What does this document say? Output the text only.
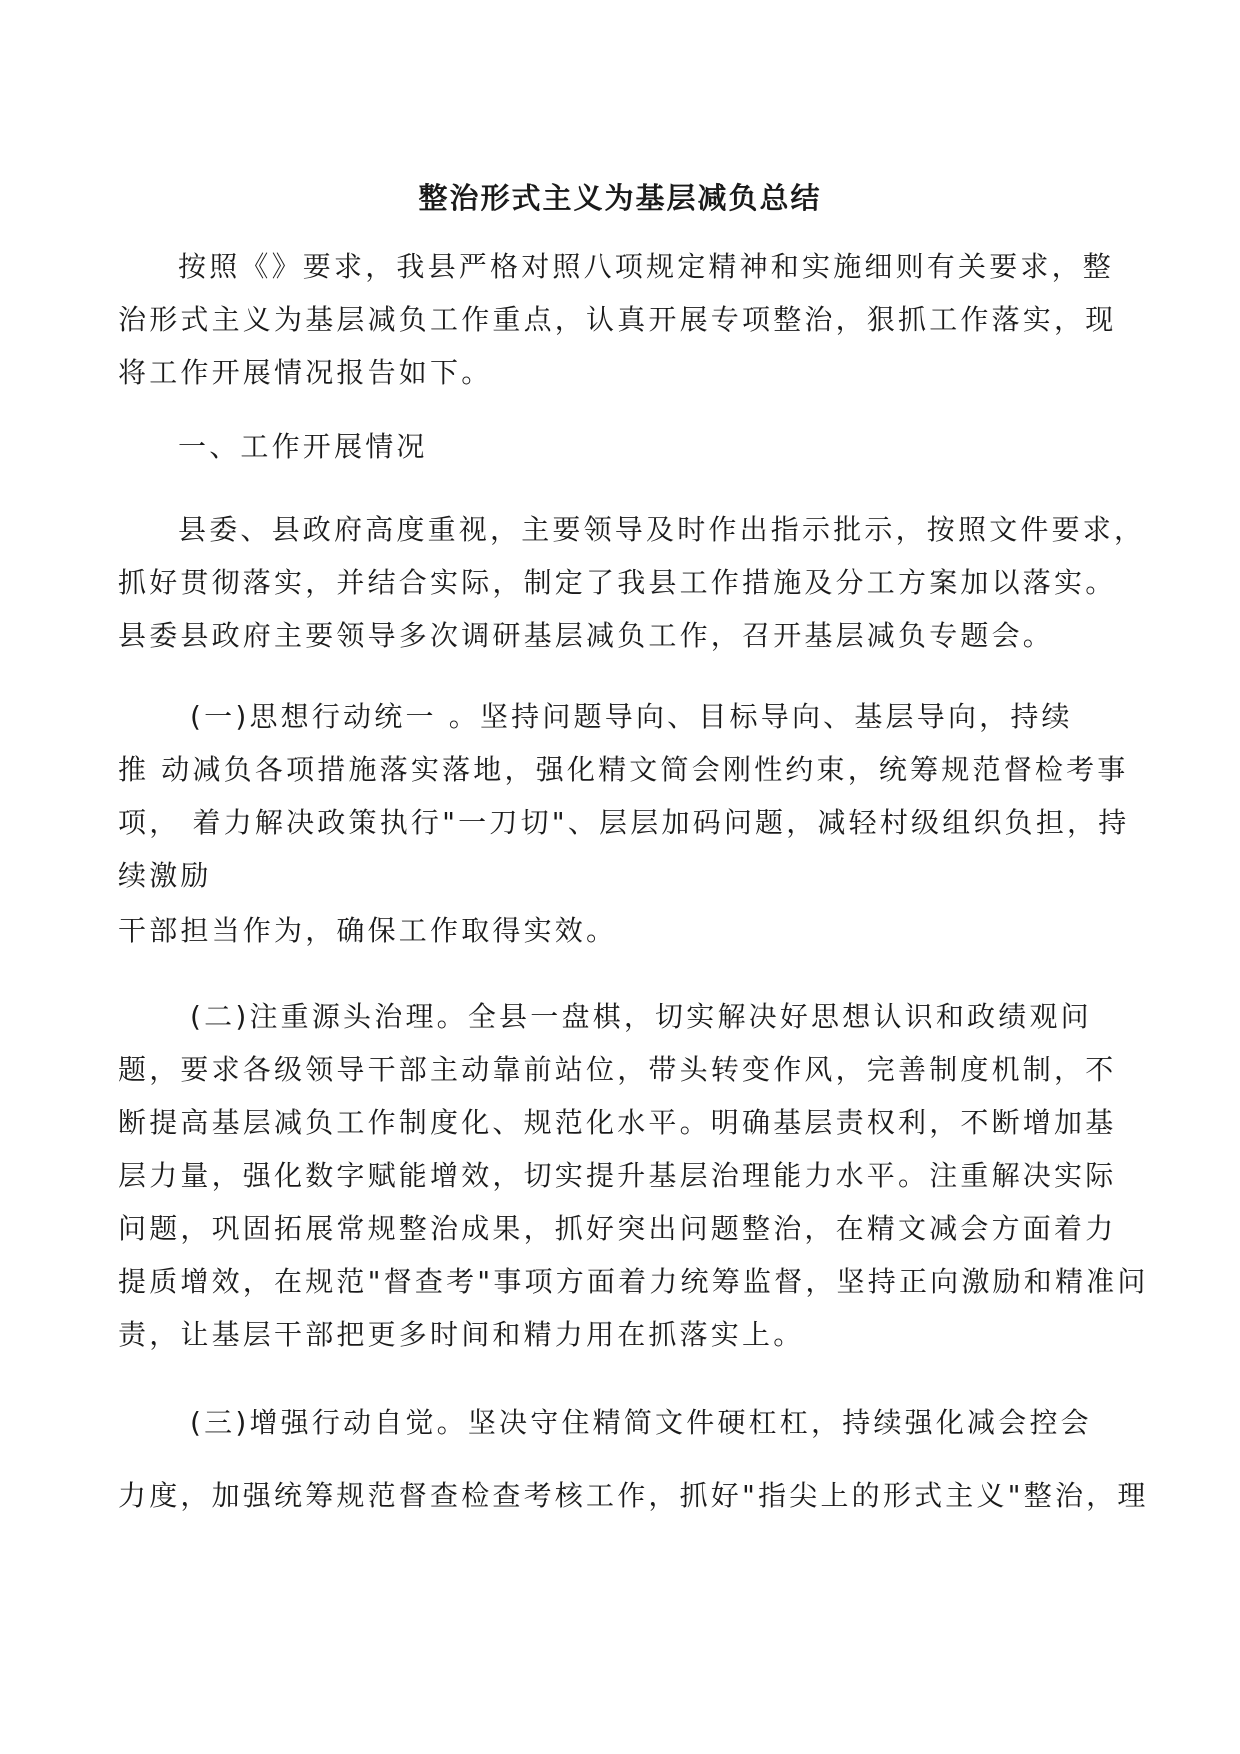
整治形式主义为基层减负总结

按照《》要求，我县严格对照八项规定精神和实施细则有关要求，整
治形式主义为基层减负工作重点，认真开展专项整治，狠抓工作落实，现
将工作开展情况报告如下。

一、工作开展情况

县委、县政府高度重视，主要领导及时作出指示批示，按照文件要求，
抓好贯彻落实，并结合实际，制定了我县工作措施及分工方案加以落实。
县委县政府主要领导多次调研基层减负工作，召开基层减负专题会。

(一)思想行动统一 。坚持问题导向、目标导向、基层导向，持续
推 动减负各项措施落实落地，强化精文简会刚性约束，统筹规范督检考事
项， 着力解决政策执行"一刀切"、层层加码问题，减轻村级组织负担，持
续激励

干部担当作为，确保工作取得实效。

(二)注重源头治理。全县一盘棋，切实解决好思想认识和政绩观问
题，要求各级领导干部主动靠前站位，带头转变作风，完善制度机制，不
断提高基层减负工作制度化、规范化水平。明确基层责权利，不断增加基
层力量，强化数字赋能增效，切实提升基层治理能力水平。注重解决实际
问题，巩固拓展常规整治成果，抓好突出问题整治，在精文减会方面着力
提质增效，在规范"督查考"事项方面着力统筹监督，坚持正向激励和精准问
责，让基层干部把更多时间和精力用在抓落实上。

(三)增强行动自觉。坚决守住精简文件硬杠杠，持续强化减会控会
力度，加强统筹规范督查检查考核工作，抓好"指尖上的形式主义"整治，理
